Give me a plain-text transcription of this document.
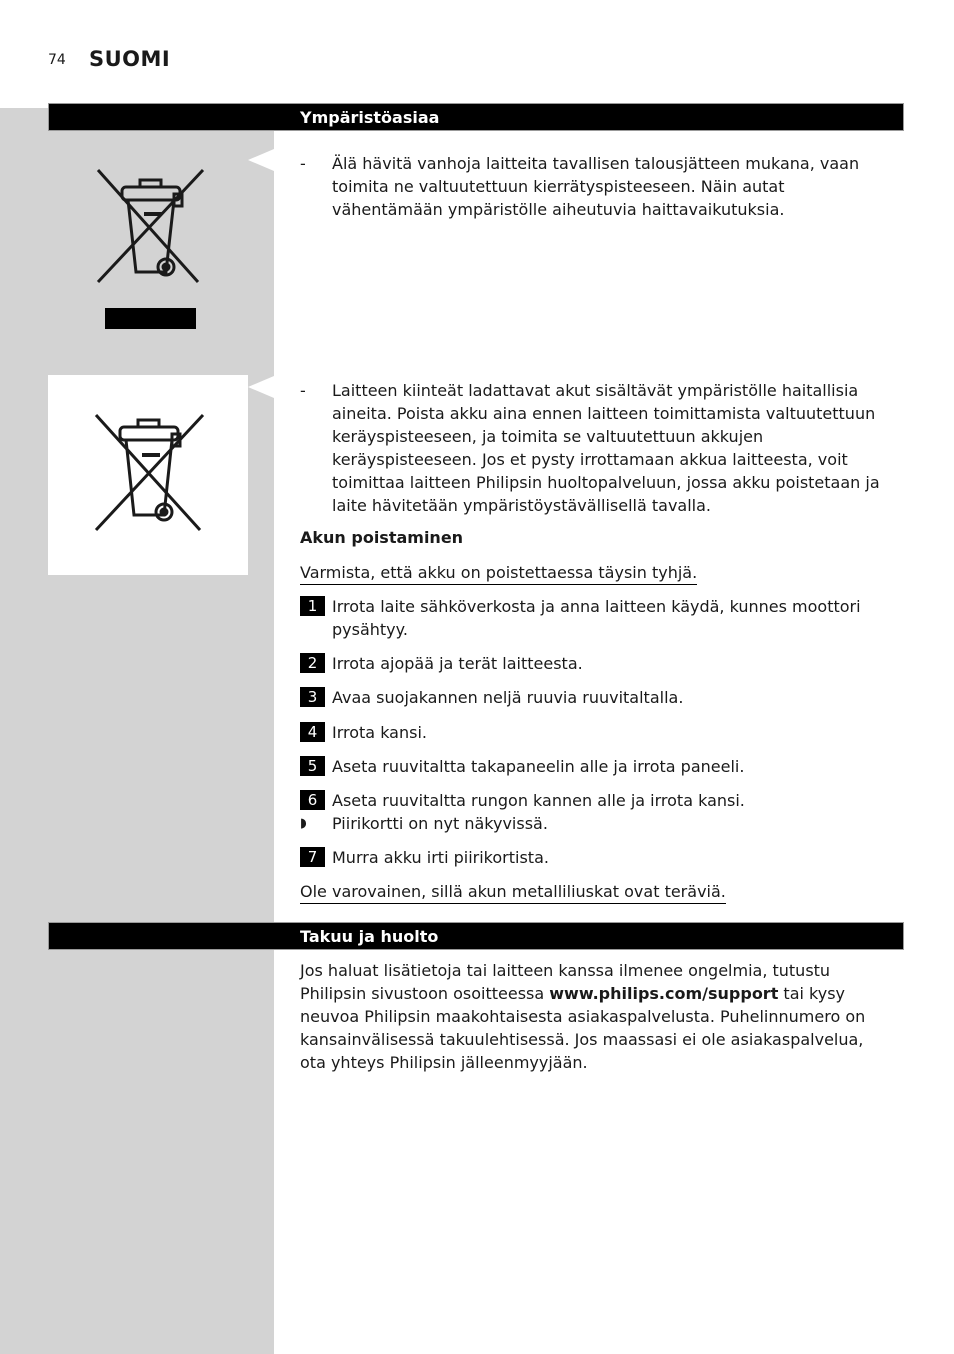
74 SUOMI
Ympäristöasiaa
- Älä hävitä vanhoja laitteita tavallisen talousjätteen mukana, vaan toimita ne valtuutettuun kierrätyspisteeseen. Näin autat vähentämään ympäristölle aiheutuvia haittavaikutuksia.
- Laitteen kiinteät ladattavat akut sisältävät ympäristölle haitallisia aineita. Poista akku aina ennen laitteen toimittamista valtuutettuun keräyspisteeseen, ja toimita se valtuutettuun akkujen keräyspisteeseen. Jos et pysty irrottamaan akkua laitteesta, voit toimittaa laitteen Philipsin huoltopalveluun, jossa akku poistetaan ja laite hävitetään ympäristöystävällisellä tavalla.
Akun poistaminen
Varmista, että akku on poistettaessa täysin tyhjä.
1 Irrota laite sähköverkosta ja anna laitteen käydä, kunnes moottori pysähtyy.
2 Irrota ajopää ja terät laitteesta.
3 Avaa suojakannen neljä ruuvia ruuvitaltalla.
4 Irrota kansi.
5 Aseta ruuvitaltta takapaneelin alle ja irrota paneeli.
6 Aseta ruuvitaltta rungon kannen alle ja irrota kansi.
◗ Piirikortti on nyt näkyvissä.
7 Murra akku irti piirikortista.
Ole varovainen, sillä akun metalliliuskat ovat teräviä.
Takuu ja huolto
Jos haluat lisätietoja tai laitteen kanssa ilmenee ongelmia, tutustu Philipsin sivustoon osoitteessa www.philips.com/support tai kysy neuvoa Philipsin maakohtaisesta asiakaspalvelusta. Puhelinnumero on kansainvälisessä takuulehtisessä. Jos maassasi ei ole asiakaspalvelua, ota yhteys Philipsin jälleenmyyjään.
